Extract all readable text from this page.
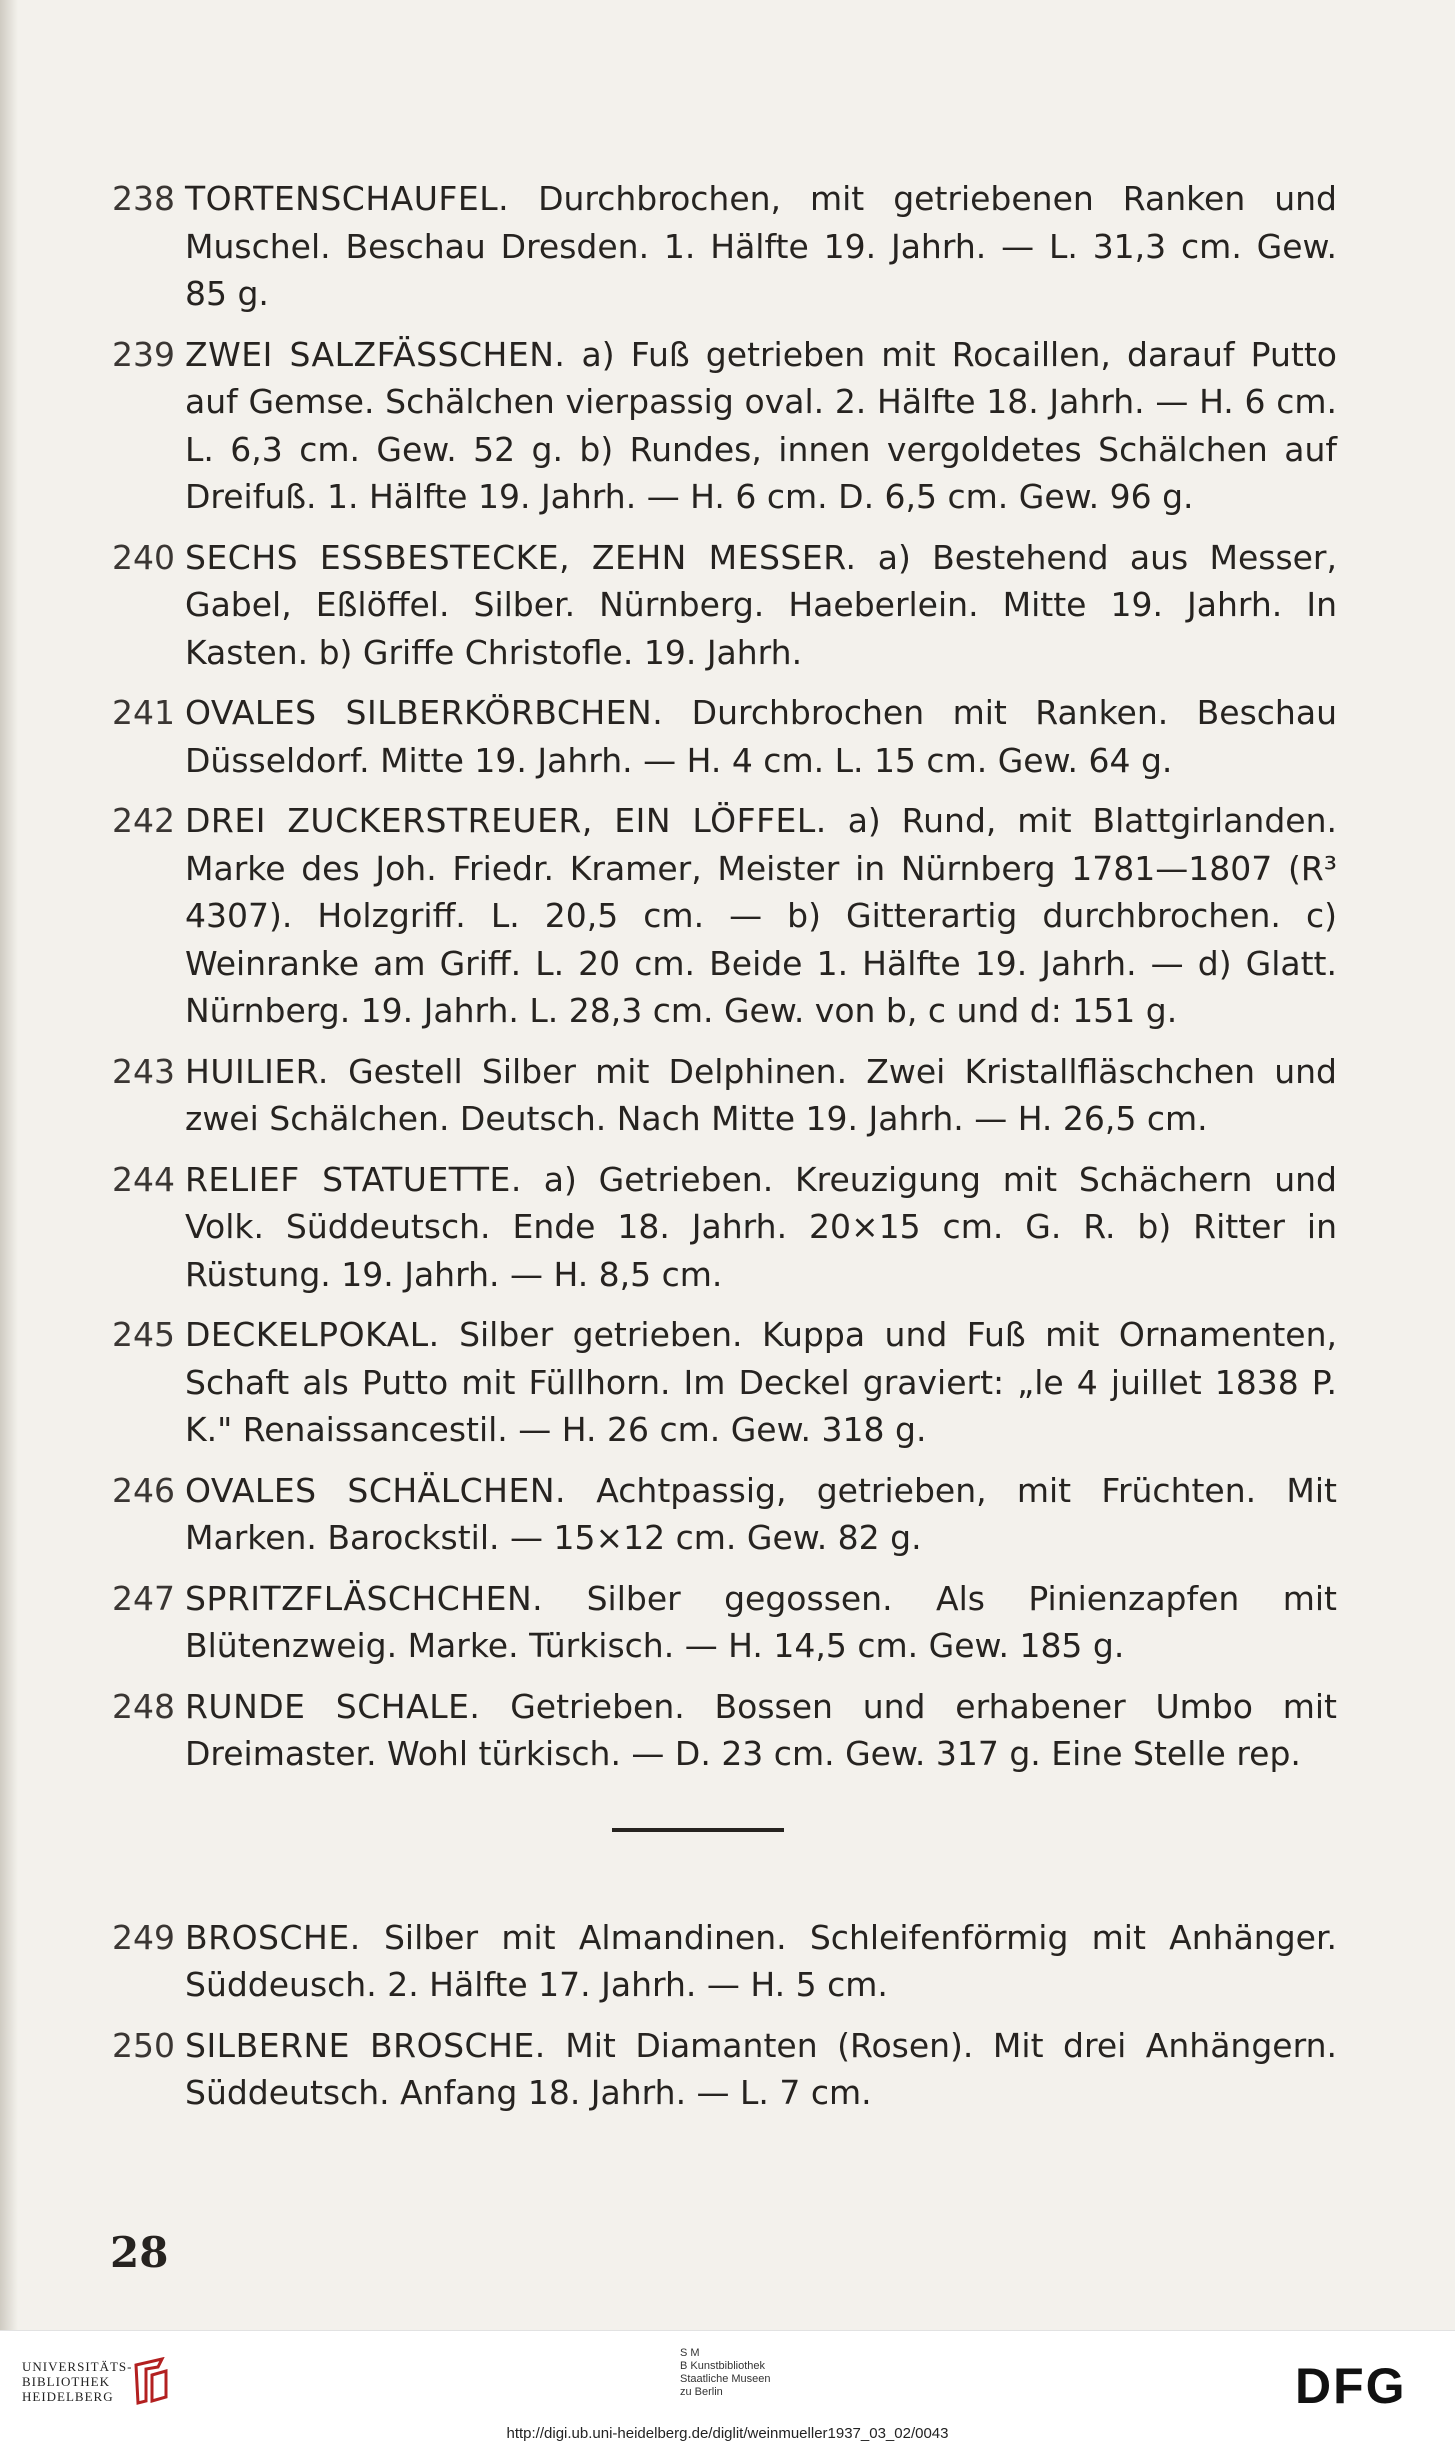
238 TORTENSCHAUFEL. Durchbrochen, mit getriebenen Ranken und Muschel. Beschau Dresden. 1. Hälfte 19. Jahrh. — L. 31,3 cm. Gew. 85 g.
239 ZWEI SALZFÄSSCHEN. a) Fuß getrieben mit Rocaillen, darauf Putto auf Gemse. Schälchen vierpassig oval. 2. Hälfte 18. Jahrh. — H. 6 cm. L. 6,3 cm. Gew. 52 g. b) Rundes, innen vergoldetes Schälchen auf Dreifuß. 1. Hälfte 19. Jahrh. — H. 6 cm. D. 6,5 cm. Gew. 96 g.
240 SECHS ESSBESTECKE, ZEHN MESSER. a) Bestehend aus Messer, Gabel, Eßlöffel. Silber. Nürnberg. Haeberlein. Mitte 19. Jahrh. In Kasten. b) Griffe Christofle. 19. Jahrh.
241 OVALES SILBERKÖRBCHEN. Durchbrochen mit Ranken. Beschau Düsseldorf. Mitte 19. Jahrh. — H. 4 cm. L. 15 cm. Gew. 64 g.
242 DREI ZUCKERSTREUER, EIN LÖFFEL. a) Rund, mit Blattgirlanden. Marke des Joh. Friedr. Kramer, Meister in Nürnberg 1781—1807 (R³ 4307). Holzgriff. L. 20,5 cm. — b) Gitterartig durchbrochen. c) Weinranke am Griff. L. 20 cm. Beide 1. Hälfte 19. Jahrh. — d) Glatt. Nürnberg. 19. Jahrh. L. 28,3 cm. Gew. von b, c und d: 151 g.
243 HUILIER. Gestell Silber mit Delphinen. Zwei Kristallfläschchen und zwei Schälchen. Deutsch. Nach Mitte 19. Jahrh. — H. 26,5 cm.
244 RELIEF STATUETTE. a) Getrieben. Kreuzigung mit Schächern und Volk. Süddeutsch. Ende 18. Jahrh. 20×15 cm. G. R. b) Ritter in Rüstung. 19. Jahrh. — H. 8,5 cm.
245 DECKELPOKAL. Silber getrieben. Kuppa und Fuß mit Ornamenten, Schaft als Putto mit Füllhorn. Im Deckel graviert: „le 4 juillet 1838 P. K." Renaissancestil. — H. 26 cm. Gew. 318 g.
246 OVALES SCHÄLCHEN. Achtpassig, getrieben, mit Früchten. Mit Marken. Barockstil. — 15×12 cm. Gew. 82 g.
247 SPRITZFLÄSCHCHEN. Silber gegossen. Als Pinienzapfen mit Blütenzweig. Marke. Türkisch. — H. 14,5 cm. Gew. 185 g.
248 RUNDE SCHALE. Getrieben. Bossen und erhabener Umbo mit Dreimaster. Wohl türkisch. — D. 23 cm. Gew. 317 g. Eine Stelle rep.
249 BROSCHE. Silber mit Almandinen. Schleifenförmig mit Anhänger. Süddeusch. 2. Hälfte 17. Jahrh. — H. 5 cm.
250 SILBERNE BROSCHE. Mit Diamanten (Rosen). Mit drei Anhängern. Süddeutsch. Anfang 18. Jahrh. — L. 7 cm.
28
UNIVERSITÄTS-
BIBLIOTHEK
HEIDELBERG
S M
B Kunstbibliothek
Staatliche Museen
zu Berlin	DFG
http://digi.ub.uni-heidelberg.de/diglit/weinmueller1937_03_02/0043
